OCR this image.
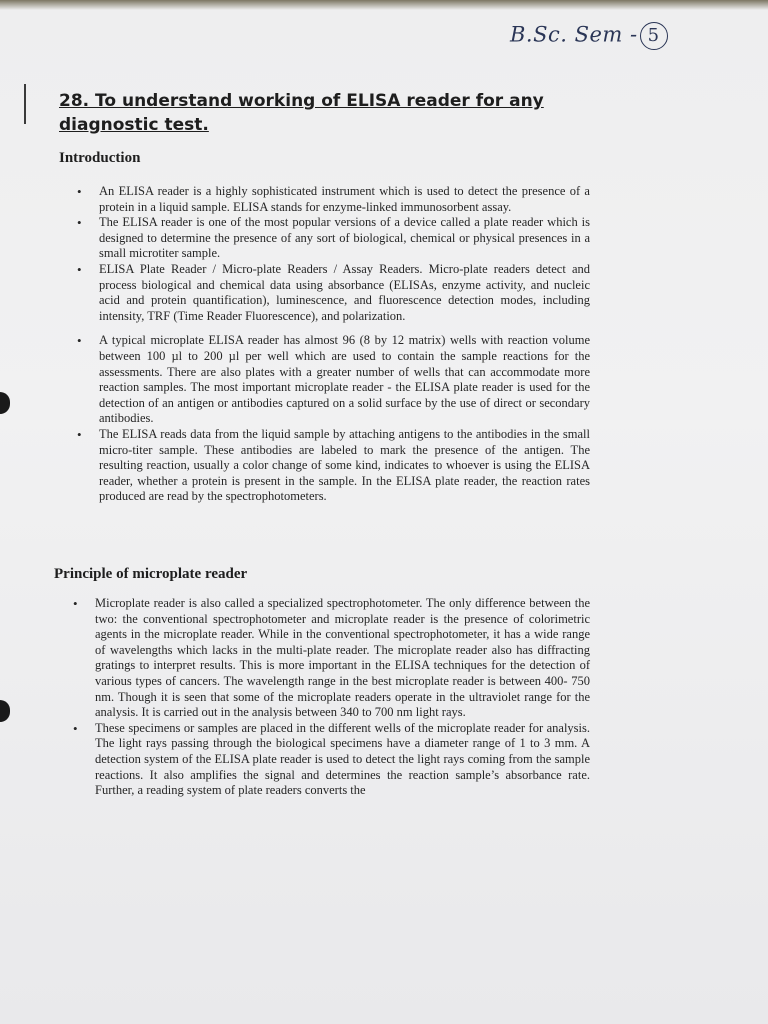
B.Sc. Sem - 5
28. To understand working of ELISA reader for any diagnostic test.
Introduction
• An ELISA reader is a highly sophisticated instrument which is used to detect the presence of a protein in a liquid sample. ELISA stands for enzyme-linked immunosorbent assay.
• The ELISA reader is one of the most popular versions of a device called a plate reader which is designed to determine the presence of any sort of biological, chemical or physical presences in a small microtiter sample.
• ELISA Plate Reader / Micro-plate Readers / Assay Readers. Micro-plate readers detect and process biological and chemical data using absorbance (ELISAs, enzyme activity, and nucleic acid and protein quantification), luminescence, and fluorescence detection modes, including intensity, TRF (Time Reader Fluorescence), and polarization.
• A typical microplate ELISA reader has almost 96 (8 by 12 matrix) wells with reaction volume between 100 µl to 200 µl per well which are used to contain the sample reactions for the assessments. There are also plates with a greater number of wells that can accommodate more reaction samples. The most important microplate reader - the ELISA plate reader is used for the detection of an antigen or antibodies captured on a solid surface by the use of direct or secondary antibodies.
• The ELISA reads data from the liquid sample by attaching antigens to the antibodies in the small micro-titer sample. These antibodies are labeled to mark the presence of the antigen. The resulting reaction, usually a color change of some kind, indicates to whoever is using the ELISA reader, whether a protein is present in the sample. In the ELISA plate reader, the reaction rates produced are read by the spectrophotometers.
Principle of microplate reader
• Microplate reader is also called a specialized spectrophotometer. The only difference between the two: the conventional spectrophotometer and microplate reader is the presence of colorimetric agents in the microplate reader. While in the conventional spectrophotometer, it has a wide range of wavelengths which lacks in the multi-plate reader. The microplate reader also has diffracting gratings to interpret results. This is more important in the ELISA techniques for the detection of various types of cancers. The wavelength range in the best microplate reader is between 400- 750 nm. Though it is seen that some of the microplate readers operate in the ultraviolet range for the analysis. It is carried out in the analysis between 340 to 700 nm light rays.
• These specimens or samples are placed in the different wells of the microplate reader for analysis. The light rays passing through the biological specimens have a diameter range of 1 to 3 mm. A detection system of the ELISA plate reader is used to detect the light rays coming from the sample reactions. It also amplifies the signal and determines the reaction sample’s absorbance rate. Further, a reading system of plate readers converts the
